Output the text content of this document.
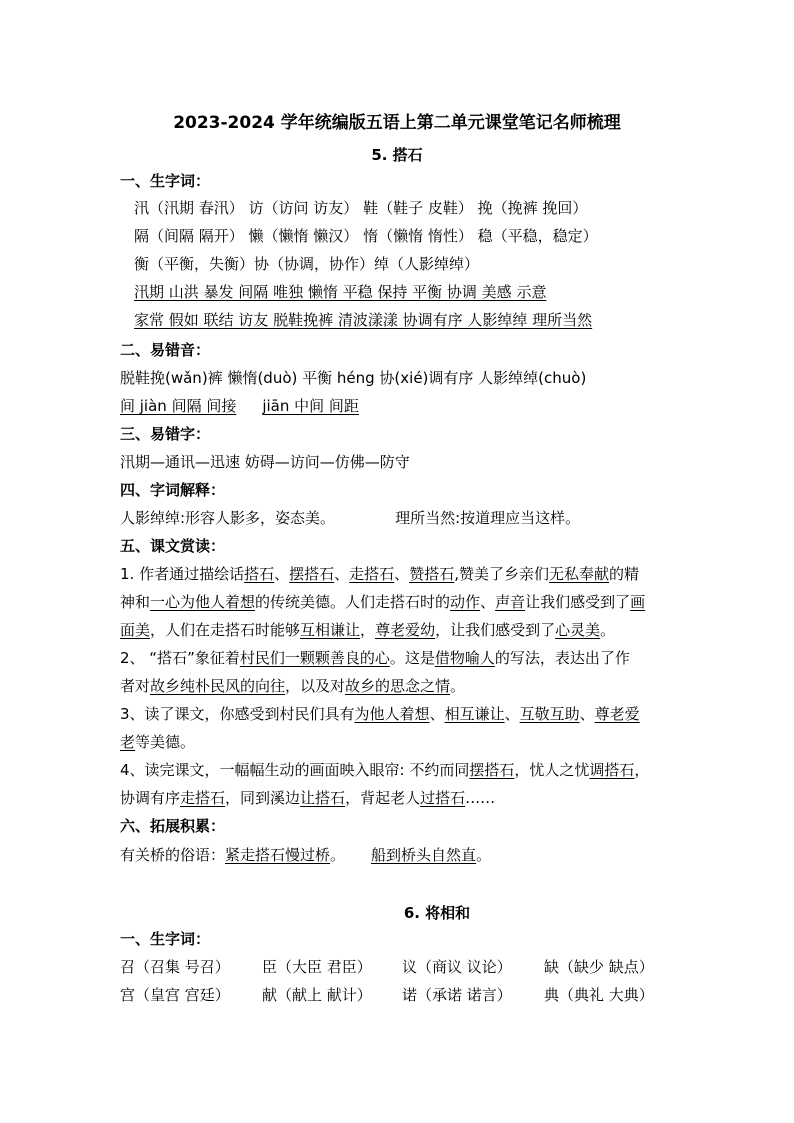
2023-2024 学年统编版五语上第二单元课堂笔记名师梳理
5. 搭石
一、生字词：
汛（汛期 春汛） 访（访问 访友） 鞋（鞋子 皮鞋） 挽（挽裤 挽回）
隔（间隔 隔开） 懒（懒惰 懒汉） 惰（懒惰 惰性） 稳（平稳，稳定）
衡（平衡，失衡）协（协调，协作）绰（人影绰绰）
汛期 山洪 暴发 间隔 唯独 懒惰 平稳 保持 平衡 协调 美感 示意
家常 假如 联结 访友 脱鞋挽裤 清波漾漾 协调有序 人影绰绰 理所当然
二、易错音：
脱鞋挽(wǎn)裤 懒惰(duò) 平衡 héng 协(xié)调有序 人影绰绰(chuò)
间 jiàn 间隔 间接 jiān 中间 间距
三、易错字：
汛期—通讯—迅速 妨碍—访问—仿佛—防守
四、字词解释：
人影绰绰:形容人影多，姿态美。	理所当然:按道理应当这样。
五、课文赏读：
1. 作者通过描绘话搭石、摆搭石、走搭石、赞搭石,赞美了乡亲们无私奉献的精
神和一心为他人着想的传统美德。人们走搭石时的动作、声音让我们感受到了画
面美，人们在走搭石时能够互相谦让，尊老爱幼，让我们感受到了心灵美。
2、 “搭石”象征着村民们一颗颗善良的心。这是借物喻人的写法，表达出了作
者对故乡纯朴民风的向往，以及对故乡的思念之情。
3、读了课文，你感受到村民们具有为他人着想、相互谦让、互敬互助、尊老爱
老等美德。
4、读完课文，一幅幅生动的画面映入眼帘: 不约而同摆搭石，忧人之忧调搭石，
协调有序走搭石，同到溪边让搭石，背起老人过搭石……
六、拓展积累：
有关桥的俗语：紧走搭石慢过桥。 船到桥头自然直。
6. 将相和
一、生字词：
召（召集 号召） 臣（大臣 君臣） 议（商议 议论） 缺（缺少 缺点）
宫（皇宫 宫廷） 献（献上 献计） 诺（承诺 诺言） 典（典礼 大典）
